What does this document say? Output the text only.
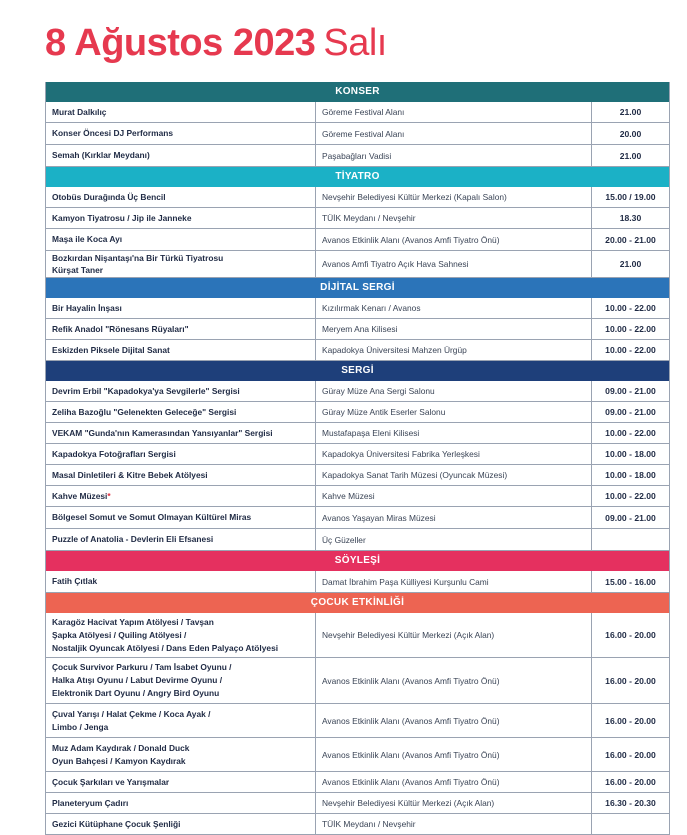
8 Ağustos 2023 Salı
KONSER
Murat Dalkılıç	Göreme Festival Alanı	21.00
Konser Öncesi DJ Performans	Göreme Festival Alanı	20.00
Semah (Kırklar Meydanı)	Paşabağları Vadisi	21.00
TİYATRO
Otobüs Durağında Üç Bencil	Nevşehir Belediyesi Kültür Merkezi (Kapalı Salon)	15.00 / 19.00
Kamyon Tiyatrosu / Jip ile Janneke	TÜİK Meydanı / Nevşehir	18.30
Maşa ile Koca Ayı	Avanos Etkinlik Alanı (Avanos Amfi Tiyatro Önü)	20.00 - 21.00
Bozkırdan Nişantaşı'na Bir Türkü Tiyatrosu
Kürşat Taner
Avanos Amfi Tiyatro Açık Hava Sahnesi	21.00
DİJİTAL SERGİ
Bir Hayalin İnşası	Kızılırmak Kenarı / Avanos	10.00 - 22.00
Refik Anadol "Rönesans Rüyaları"	Meryem Ana Kilisesi	10.00 - 22.00
Eskizden Piksele Dijital Sanat	Kapadokya Üniversitesi Mahzen Ürgüp	10.00 - 22.00
SERGİ
Devrim Erbil "Kapadokya'ya Sevgilerle" Sergisi	Güray Müze Ana Sergi Salonu	09.00 - 21.00
Zeliha Bazoğlu "Gelenekten Geleceğe" Sergisi	Güray Müze Antik Eserler Salonu	09.00 - 21.00
VEKAM "Gunda'nın Kamerasından Yansıyanlar" Sergisi	Mustafapaşa Eleni Kilisesi	10.00 - 22.00
Kapadokya Fotoğrafları Sergisi	Kapadokya Üniversitesi Fabrika Yerleşkesi	10.00 - 18.00
Masal Dinletileri & Kitre Bebek Atölyesi	Kapadokya Sanat Tarih Müzesi (Oyuncak Müzesi)	10.00 - 18.00
Kahve Müzesi *	Kahve Müzesi	10.00 - 22.00
Bölgesel Somut ve Somut Olmayan Kültürel Miras	Avanos Yaşayan Miras Müzesi	09.00 - 21.00
Puzzle of Anatolia - Devlerin Eli Efsanesi	Üç Güzeller
SÖYLEŞİ
Fatih Çıtlak	Damat İbrahim Paşa Külliyesi Kurşunlu Cami	15.00 - 16.00
ÇOCUK ETKİNLİĞİ
Karagöz Hacivat Yapım Atölyesi / Tavşan
Şapka Atölyesi / Quiling Atölyesi /
Nostaljik Oyuncak Atölyesi / Dans Eden Palyaço Atölyesi
Nevşehir Belediyesi Kültür Merkezi (Açık Alan)	16.00 - 20.00
Çocuk Survivor Parkuru / Tam İsabet Oyunu /
Halka Atışı Oyunu / Labut Devirme Oyunu /
Elektronik Dart Oyunu / Angry Bird Oyunu
Avanos Etkinlik Alanı (Avanos Amfi Tiyatro Önü)	16.00 - 20.00
Çuval Yarışı / Halat Çekme / Koca Ayak /
Limbo / Jenga
Avanos Etkinlik Alanı (Avanos Amfi Tiyatro Önü)	16.00 - 20.00
Muz Adam Kaydırak / Donald Duck
Oyun Bahçesi / Kamyon Kaydırak
Avanos Etkinlik Alanı (Avanos Amfi Tiyatro Önü)	16.00 - 20.00
Çocuk Şarkıları ve Yarışmalar	Avanos Etkinlik Alanı (Avanos Amfi Tiyatro Önü)	16.00 - 20.00
Planeteryum Çadırı	Nevşehir Belediyesi Kültür Merkezi (Açık Alan)	16.30 - 20.30
Gezici Kütüphane Çocuk Şenliği	TÜİK Meydanı / Nevşehir
